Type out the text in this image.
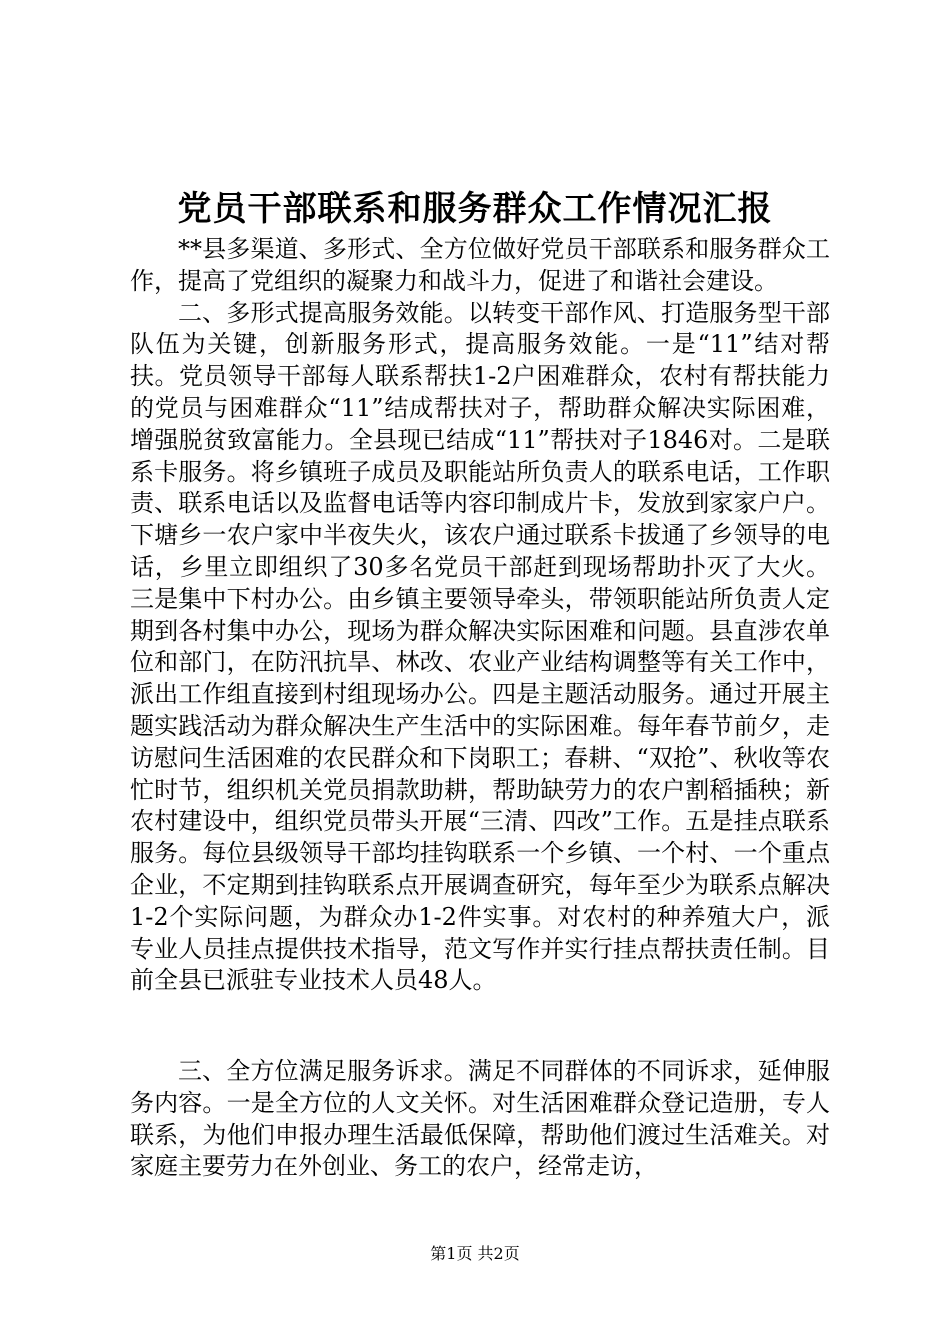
党员干部联系和服务群众工作情况汇报

**县多渠道、多形式、全方位做好党员干部联系和服务群众工作，提高了党组织的凝聚力和战斗力，促进了和谐社会建设。

二、多形式提高服务效能。以转变干部作风、打造服务型干部队伍为关键，创新服务形式，提高服务效能。一是“11”结对帮扶。党员领导干部每人联系帮扶1-2户困难群众，农村有帮扶能力的党员与困难群众“11”结成帮扶对子，帮助群众解决实际困难，增强脱贫致富能力。全县现已结成“11”帮扶对子1846对。二是联系卡服务。将乡镇班子成员及职能站所负责人的联系电话，工作职责、联系电话以及监督电话等内容印制成片卡，发放到家家户户。下塘乡一农户家中半夜失火，该农户通过联系卡拔通了乡领导的电话，乡里立即组织了30多名党员干部赶到现场帮助扑灭了大火。三是集中下村办公。由乡镇主要领导牵头，带领职能站所负责人定期到各村集中办公，现场为群众解决实际困难和问题。县直涉农单位和部门，在防汛抗旱、林改、农业产业结构调整等有关工作中，派出工作组直接到村组现场办公。四是主题活动服务。通过开展主题实践活动为群众解决生产生活中的实际困难。每年春节前夕，走访慰问生活困难的农民群众和下岗职工；春耕、“双抢”、秋收等农忙时节，组织机关党员捐款助耕，帮助缺劳力的农户割稻插秧；新农村建设中，组织党员带头开展“三清、四改”工作。五是挂点联系服务。每位县级领导干部均挂钩联系一个乡镇、一个村、一个重点企业，不定期到挂钩联系点开展调查研究，每年至少为联系点解决1-2个实际问题，为群众办1-2件实事。对农村的种养殖大户，派专业人员挂点提供技术指导，范文写作并实行挂点帮扶责任制。目前全县已派驻专业技术人员48人。

三、全方位满足服务诉求。满足不同群体的不同诉求，延伸服务内容。一是全方位的人文关怀。对生活困难群众登记造册，专人联系，为他们申报办理生活最低保障，帮助他们渡过生活难关。对家庭主要劳力在外创业、务工的农户，经常走访，

第1页 共2页
